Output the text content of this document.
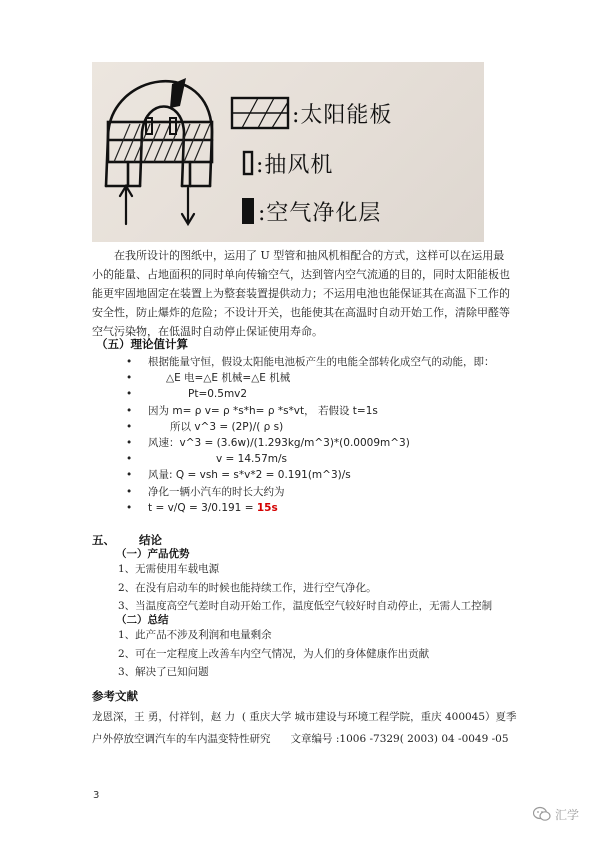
:太阳能板
:抽风机
:空气净化层

在我所设计的图纸中，运用了 U 型管和抽风机相配合的方式，这样可以在运用最小的能量、占地面积的同时单向传输空气，达到管内空气流通的目的，同时太阳能板也能更牢固地固定在装置上为整套装置提供动力；不运用电池也能保证其在高温下工作的安全性，防止爆炸的危险；不设计开关，也能使其在高温时自动开始工作，清除甲醛等空气污染物，在低温时自动停止保证使用寿命。

（五）理论值计算
• 根据能量守恒，假设太阳能电池板产生的电能全部转化成空气的动能，即：
• △E 电=△E 机械=△E 机械
• Pt=0.5mv2
• 因为 m= ρ v= ρ *s*h= ρ *s*vt， 若假设 t=1s
• 所以 v^3 = (2P)/( ρ s)
• 风速：v^3 = (3.6w)/(1.293kg/m^3)*(0.0009m^3)
• v = 14.57m/s
• 风量: Q = vsh = s*v*2 = 0.191(m^3)/s
• 净化一辆小汽车的时长大约为
• t = v/Q = 3/0.191 = 15s
五、      结论
（一）产品优势
1、无需使用车载电源
2、在没有启动车的时候也能持续工作，进行空气净化。
3、当温度高空气差时自动开始工作，温度低空气较好时自动停止，无需人工控制
（二）总结
1、此产品不涉及利润和电量剩余
2、可在一定程度上改善车内空气情况，为人们的身体健康作出贡献
3、解决了已知问题
参考文献
龙恩深，王 勇，付祥钊，赵 力  ( 重庆大学 城市建设与环境工程学院，重庆 400045）夏季
户外停放空调汽车的车内温变特性研究      文章编号 :1006 -7329( 2003) 04 -0049 -05
3
汇学
